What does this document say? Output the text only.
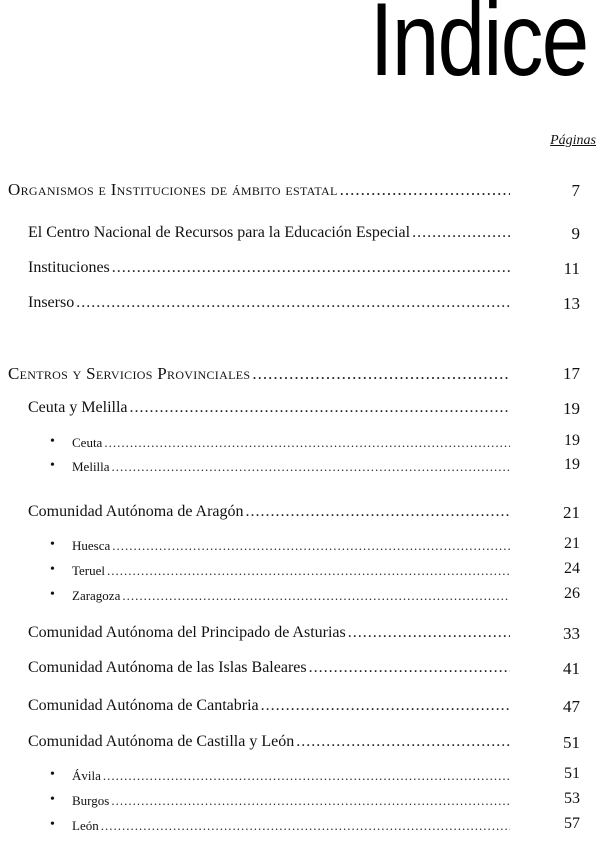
Indice
Páginas
Organismos e Instituciones de ámbito estatal .....	7
El Centro Nacional de Recursos para la Educación Especial .....	9
Instituciones .....	11
Inserso .....	13
Centros y Servicios Provinciales .....	17
Ceuta y Melilla .....	19
• Ceuta .....	19
• Melilla .....	19
Comunidad Autónoma de Aragón .....	21
• Huesca .....	21
• Teruel .....	24
• Zaragoza .....	26
Comunidad Autónoma del Principado de Asturias .....	33
Comunidad Autónoma de las Islas Baleares .....	41
Comunidad Autónoma de Cantabria .....	47
Comunidad Autónoma de Castilla y León .....	51
• Ávila .....	51
• Burgos .....	53
• León .....	57
